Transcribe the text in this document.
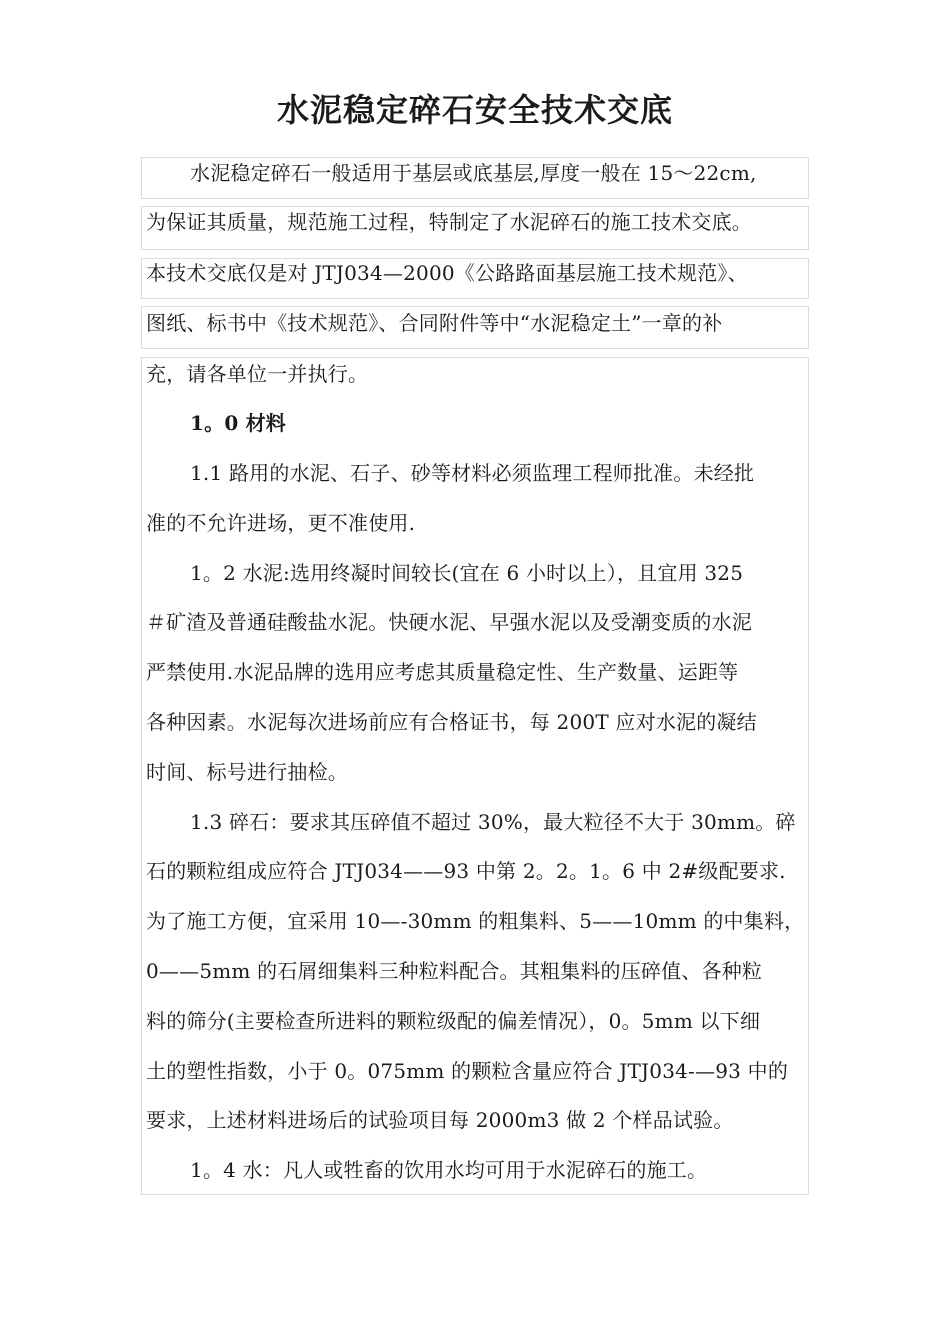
水泥稳定碎石安全技术交底
水泥稳定碎石一般适用于基层或底基层,厚度一般在 15～22cm,
为保证其质量，规范施工过程，特制定了水泥碎石的施工技术交底。
本技术交底仅是对 JTJ034—2000《公路路面基层施工技术规范》、
图纸、标书中《技术规范》、合同附件等中“水泥稳定土”一章的补
充，请各单位一并执行。
1。0 材料
1.1 路用的水泥、石子、砂等材料必须监理工程师批准。未经批
准的不允许进场，更不准使用.
1。2 水泥:选用终凝时间较长(宜在 6 小时以上），且宜用 325
＃矿渣及普通硅酸盐水泥。快硬水泥、早强水泥以及受潮变质的水泥
严禁使用.水泥品牌的选用应考虑其质量稳定性、生产数量、运距等
各种因素。水泥每次进场前应有合格证书，每 200T 应对水泥的凝结
时间、标号进行抽检。
1.3 碎石：要求其压碎值不超过 30%，最大粒径不大于 30mm。碎
石的颗粒组成应符合 JTJ034——93 中第 2。2。1。6 中 2#级配要求.
为了施工方便，宜采用 10—-30mm 的粗集料、5——10mm 的中集料，
0——5mm 的石屑细集料三种粒料配合。其粗集料的压碎值、各种粒
料的筛分(主要检查所进料的颗粒级配的偏差情况），0。5mm 以下细
土的塑性指数，小于 0。075mm 的颗粒含量应符合 JTJ034-—93 中的
要求，上述材料进场后的试验项目每 2000m3 做 2 个样品试验。
1。4 水：凡人或牲畜的饮用水均可用于水泥碎石的施工。
